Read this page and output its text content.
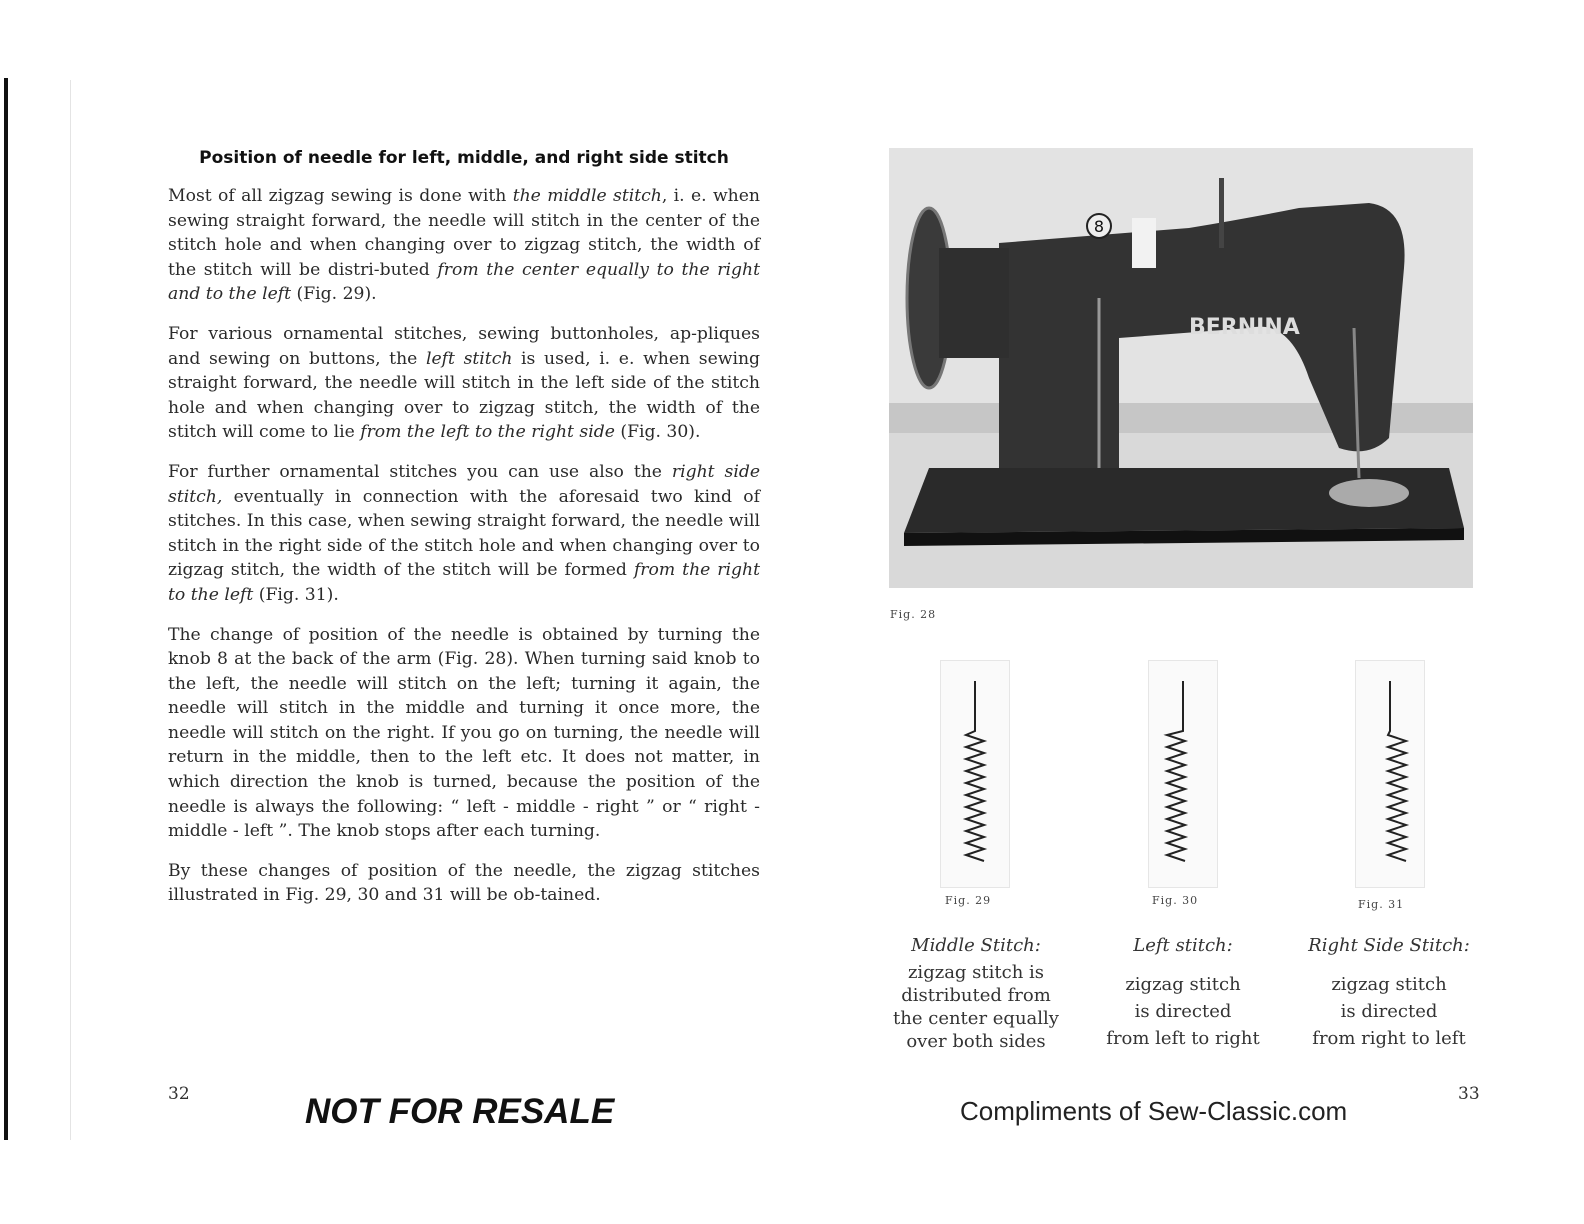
Position of needle for left, middle, and right side stitch

Most of all zigzag sewing is done with the middle stitch, i. e. when sewing straight forward, the needle will stitch in the center of the stitch hole and when changing over to zigzag stitch, the width of the stitch will be distri-buted from the center equally to the right and to the left (Fig. 29).

For various ornamental stitches, sewing buttonholes, ap-pliques and sewing on buttons, the left stitch is used, i. e. when sewing straight forward, the needle will stitch in the left side of the stitch hole and when changing over to zigzag stitch, the width of the stitch will come to lie from the left to the right side (Fig. 30).

For further ornamental stitches you can use also the right side stitch, eventually in connection with the aforesaid two kind of stitches. In this case, when sewing straight forward, the needle will stitch in the right side of the stitch hole and when changing over to zigzag stitch, the width of the stitch will be formed from the right to the left (Fig. 31).

The change of position of the needle is obtained by turning the knob 8 at the back of the arm (Fig. 28). When turning said knob to the left, the needle will stitch on the left; turning it again, the needle will stitch in the middle and turning it once more, the needle will stitch on the right. If you go on turning, the needle will return in the middle, then to the left etc. It does not matter, in which direction the knob is turned, because the position of the needle is always the following: “ left - middle - right ” or “ right - middle - left ”. The knob stops after each turning.

By these changes of position of the needle, the zigzag stitches illustrated in Fig. 29, 30 and 31 will be ob-tained.

32	NOT FOR RESALE
8
BERNINA
Fig. 28
Fig. 29
Middle Stitch:
zigzag stitch is
distributed from
the center equally
over both sides
Fig. 30
Left stitch:
zigzag stitch
is directed
from left to right
Fig. 31
Right Side Stitch:
zigzag stitch
is directed
from right to left
33
Compliments of Sew-Classic.com
